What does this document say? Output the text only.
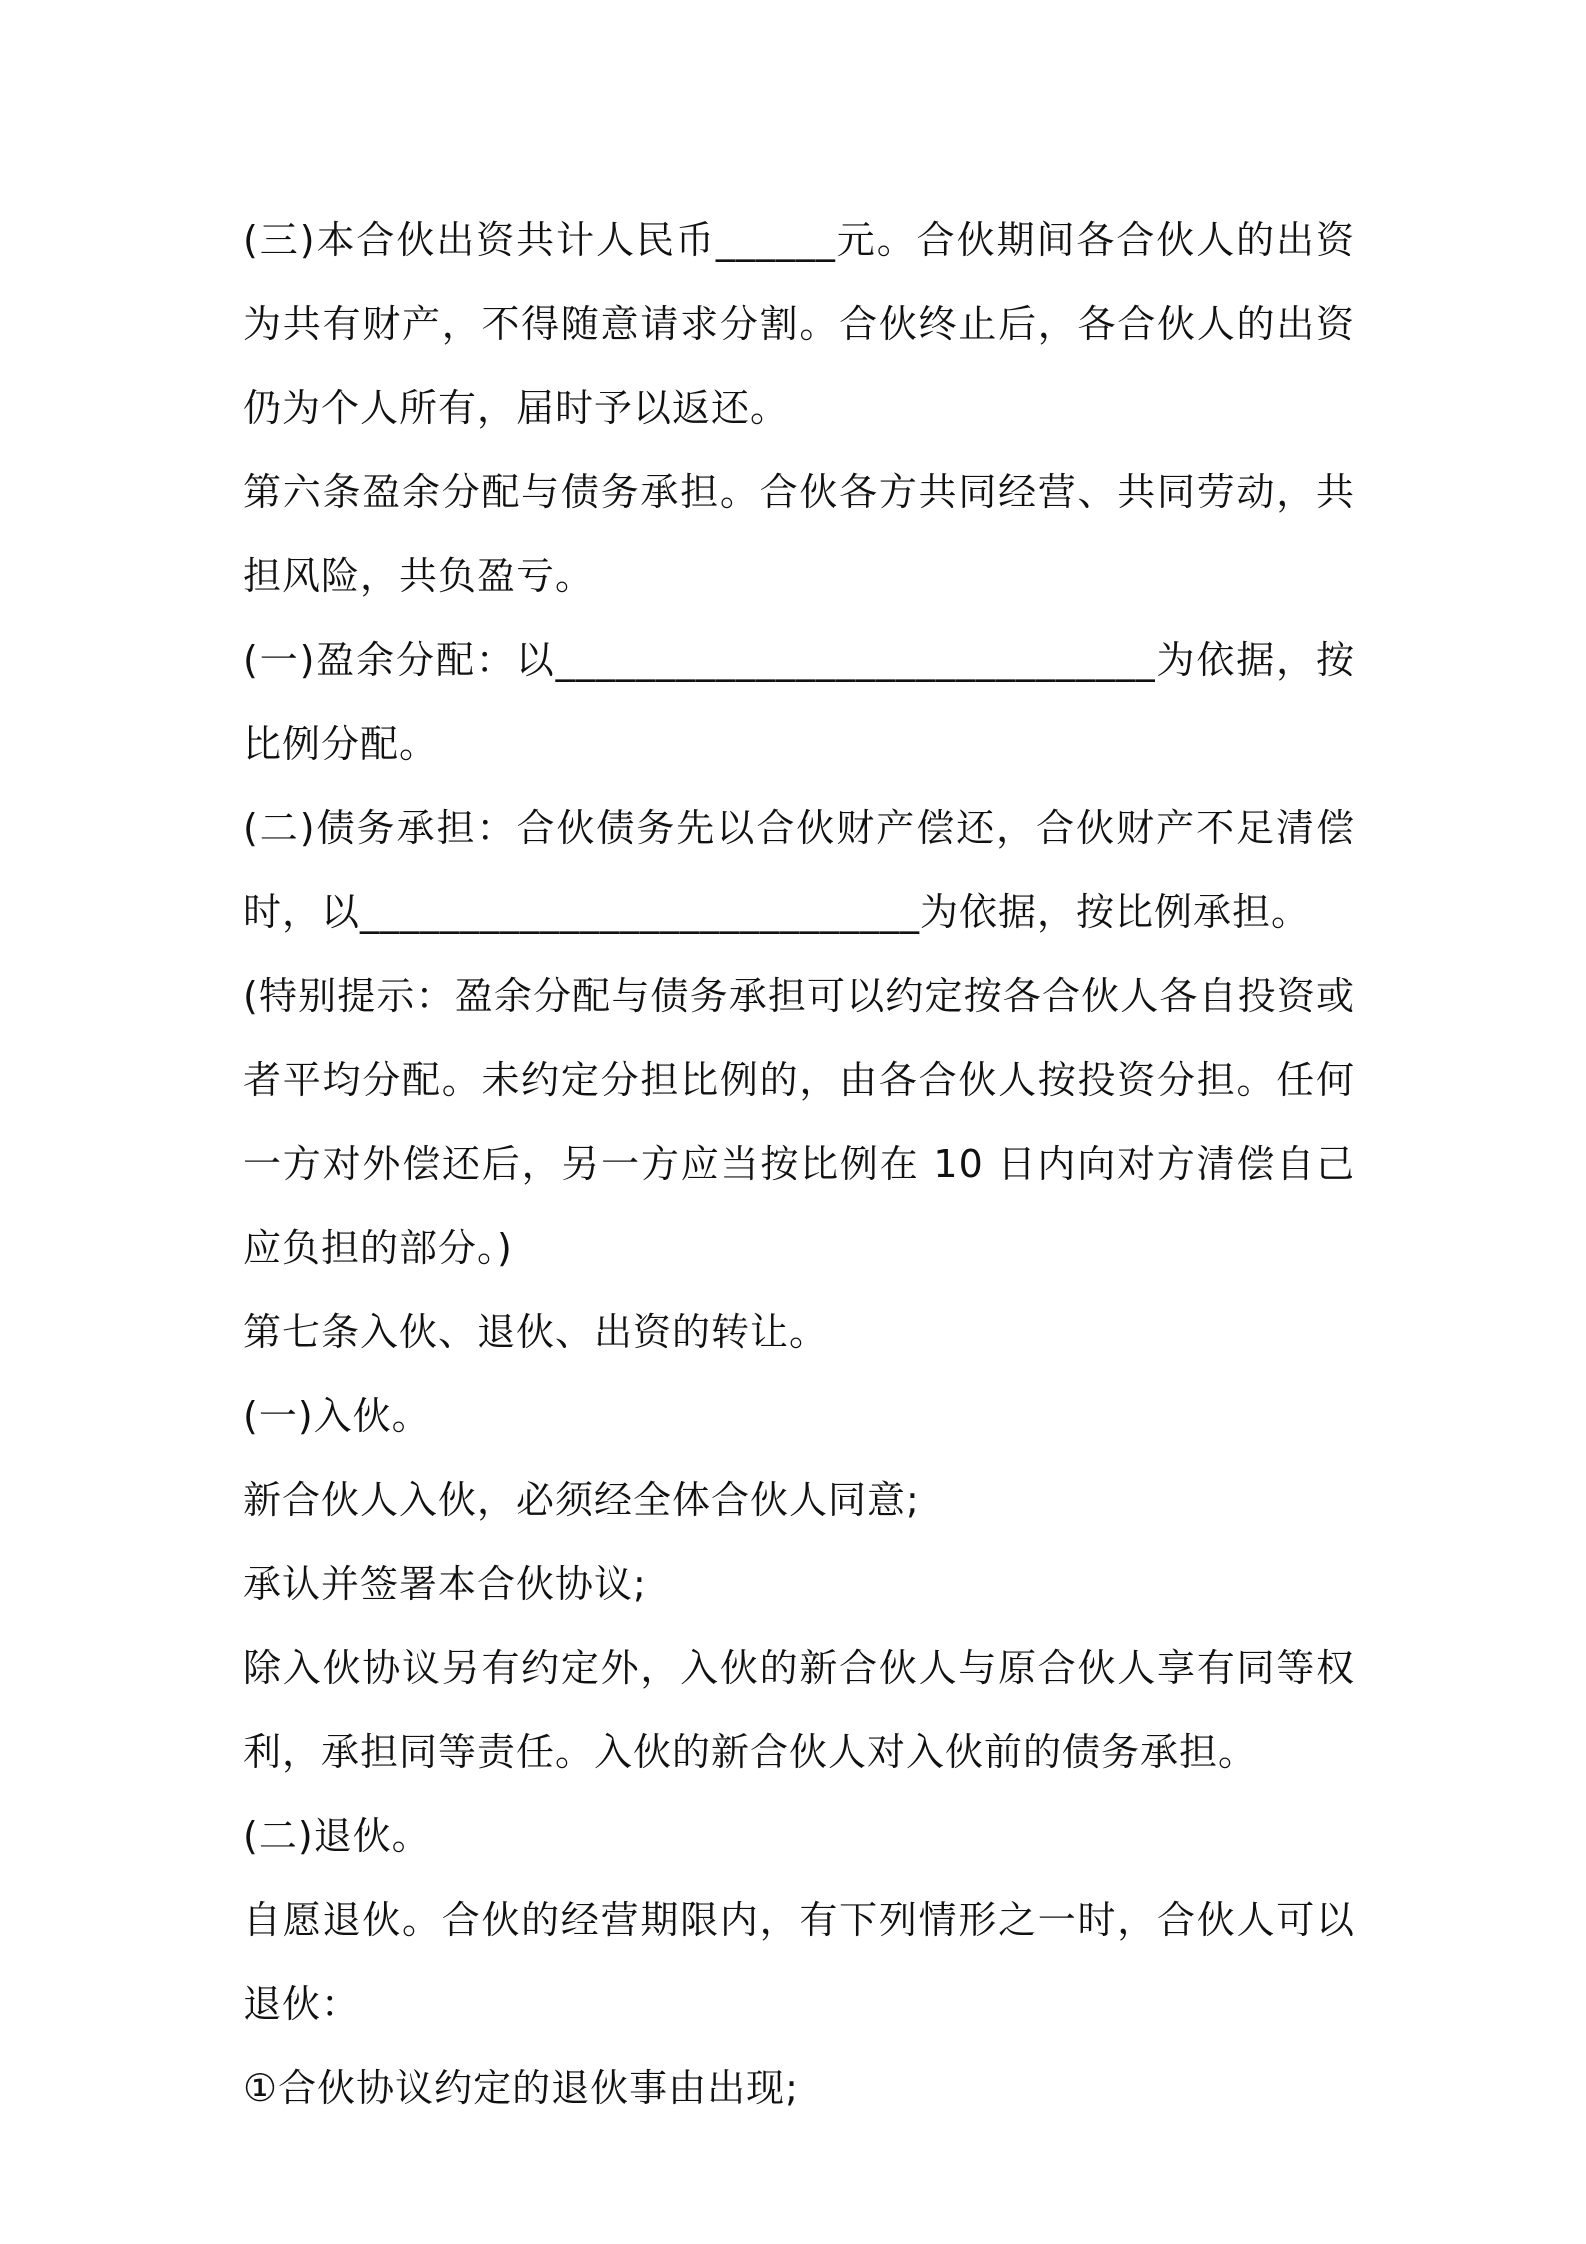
(三)本合伙出资共计人民币______元。合伙期间各合伙人的出资为共有财产，不得随意请求分割。合伙终止后，各合伙人的出资仍为个人所有，届时予以返还。

第六条盈余分配与债务承担。合伙各方共同经营、共同劳动，共担风险，共负盈亏。

(一)盈余分配：以______________________________为依据，按比例分配。

(二)债务承担：合伙债务先以合伙财产偿还，合伙财产不足清偿时，以____________________________为依据，按比例承担。

(特别提示：盈余分配与债务承担可以约定按各合伙人各自投资或者平均分配。未约定分担比例的，由各合伙人按投资分担。任何一方对外偿还后，另一方应当按比例在 10 日内向对方清偿自己应负担的部分。)

第七条入伙、退伙、出资的转让。

(一)入伙。

新合伙人入伙，必须经全体合伙人同意;

承认并签署本合伙协议;

除入伙协议另有约定外，入伙的新合伙人与原合伙人享有同等权利，承担同等责任。入伙的新合伙人对入伙前的债务承担。

(二)退伙。

自愿退伙。合伙的经营期限内，有下列情形之一时，合伙人可以退伙：

①合伙协议约定的退伙事由出现;
